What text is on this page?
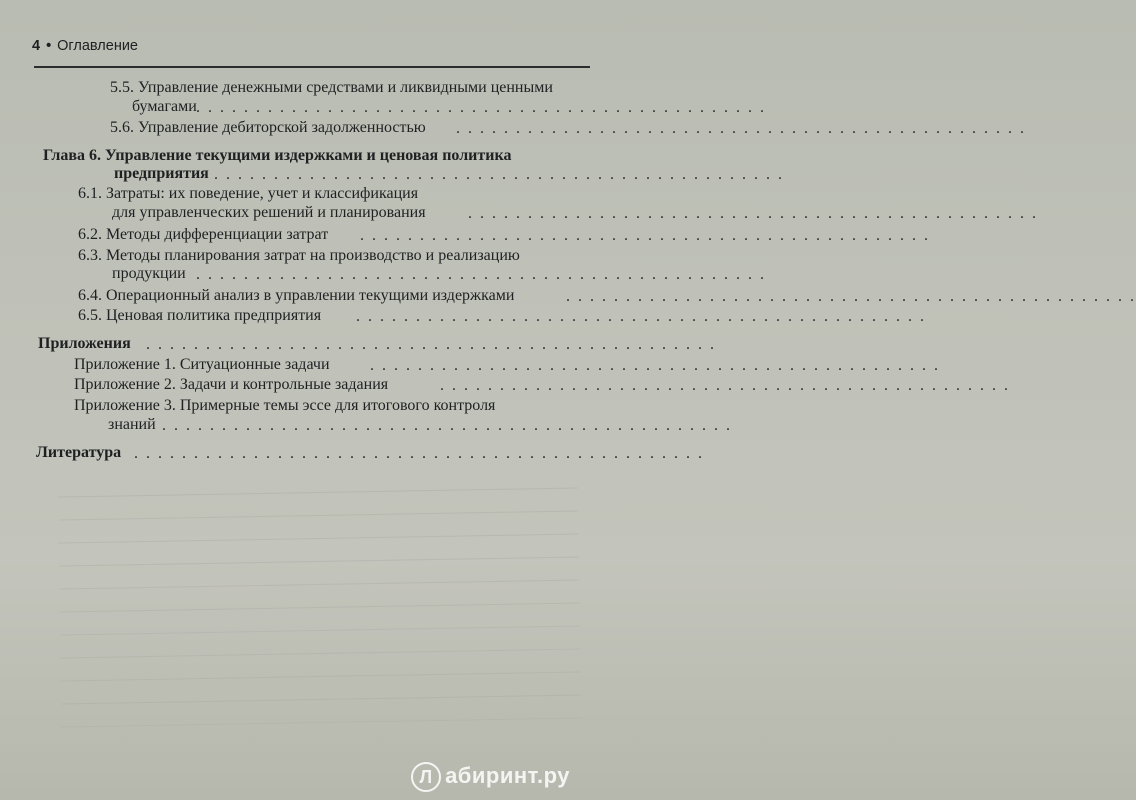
4 • Оглавление
5.5. Управление денежными средствами и ликвидными ценными
бумагами . . . . . . . . . . . . . . . . . . . . . . . . . . . . . . . . . . . . . . . . . . . . . . . .
5.6. Управление дебиторской задолженностью . . . . . . . . . . . . . . . . . . . . . . . . . . . . . . . . . . . . . . . . . . . . . . . .
Глава 6. Управление текущими издержками и ценовая политика
предприятия . . . . . . . . . . . . . . . . . . . . . . . . . . . . . . . . . . . . . . . . . . . . . . . .
6.1. Затраты: их поведение, учет и классификация
для управленческих решений и планирования	. . . . . . . . . . . . . . . . . . . . . . . . . . . . . . . . . . . . . . . . . . . . . . . .
6.2. Методы дифференциации затрат . . . . . . . . . . . . . . . . . . . . . . . . . . . . . . . . . . . . . . . . . . . . . . . .
6.3. Методы планирования затрат на производство и реализацию
продукции . . . . . . . . . . . . . . . . . . . . . . . . . . . . . . . . . . . . . . . . . . . . . . . .
6.4. Операционный анализ в управлении текущими издержками	. . . . . . . . . . . . . . . . . . . . . . . . . . . . . . . . . . . . . . . . . . . . . . . .
6.5. Ценовая политика предприятия . . . . . . . . . . . . . . . . . . . . . . . . . . . . . . . . . . . . . . . . . . . . . . . .
Приложения . . . . . . . . . . . . . . . . . . . . . . . . . . . . . . . . . . . . . . . . . . . . . . . .
Приложение 1. Ситуационные задачи	. . . . . . . . . . . . . . . . . . . . . . . . . . . . . . . . . . . . . . . . . . . . . . . .
Приложение 2. Задачи и контрольные задания	. . . . . . . . . . . . . . . . . . . . . . . . . . . . . . . . . . . . . . . . . . . . . . . .
Приложение 3. Примерные темы эссе для итогового контроля
знаний . . . . . . . . . . . . . . . . . . . . . . . . . . . . . . . . . . . . . . . . . . . . . . . .
Литература . . . . . . . . . . . . . . . . . . . . . . . . . . . . . . . . . . . . . . . . . . . . . . . .
Л абиринт.ру
